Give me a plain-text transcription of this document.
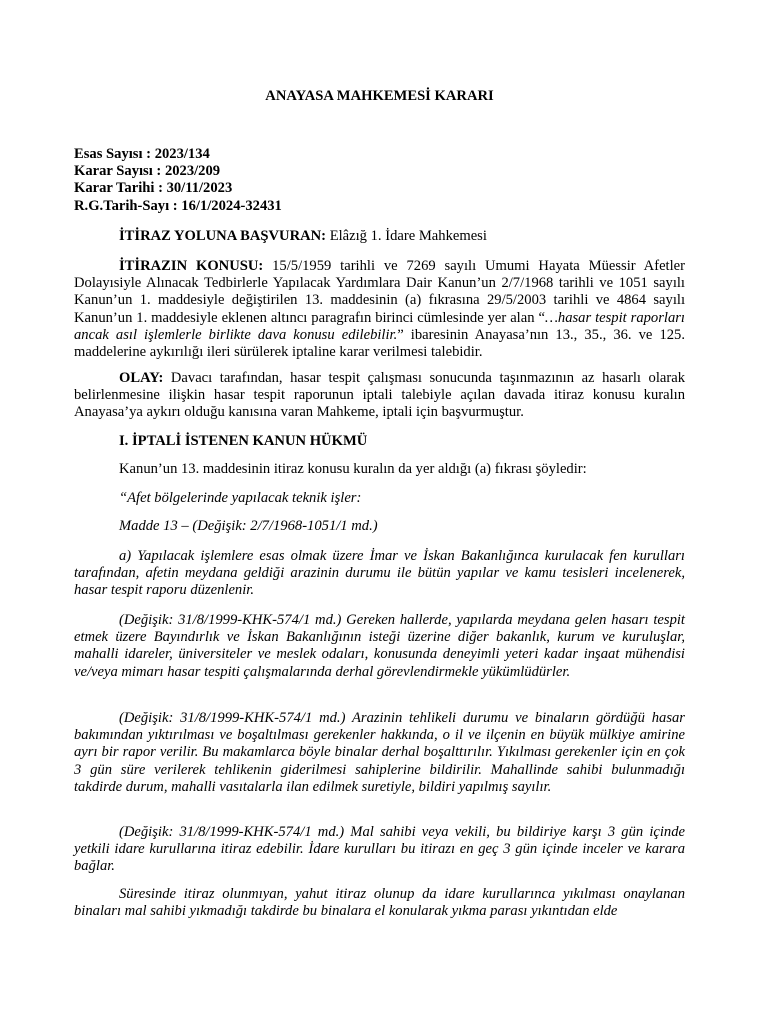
ANAYASA MAHKEMESİ KARARI
Esas Sayısı : 2023/134
Karar Sayısı : 2023/209
Karar Tarihi : 30/11/2023
R.G.Tarih-Sayı : 16/1/2024-32431

İTİRAZ YOLUNA BAŞVURAN: Elâzığ 1. İdare Mahkemesi

İTİRAZIN KONUSU: 15/5/1959 tarihli ve 7269 sayılı Umumi Hayata Müessir Afetler Dolayısiyle Alınacak Tedbirlerle Yapılacak Yardımlara Dair Kanun’un 2/7/1968 tarihli ve 1051 sayılı Kanun’un 1. maddesiyle değiştirilen 13. maddesinin (a) fıkrasına 29/5/2003 tarihli ve 4864 sayılı Kanun’un 1. maddesiyle eklenen altıncı paragrafın birinci cümlesinde yer alan “…hasar tespit raporları ancak asıl işlemlerle birlikte dava konusu edilebilir.” ibaresinin Anayasa’nın 13., 35., 36. ve 125. maddelerine aykırılığı ileri sürülerek iptaline karar verilmesi talebidir.

OLAY: Davacı tarafından, hasar tespit çalışması sonucunda taşınmazının az hasarlı olarak belirlenmesine ilişkin hasar tespit raporunun iptali talebiyle açılan davada itiraz konusu kuralın Anayasa’ya aykırı olduğu kanısına varan Mahkeme, iptali için başvurmuştur.

I. İPTALİ İSTENEN KANUN HÜKMÜ

Kanun’un 13. maddesinin itiraz konusu kuralın da yer aldığı (a) fıkrası şöyledir:

“Afet bölgelerinde yapılacak teknik işler:

Madde 13 – (Değişik: 2/7/1968-1051/1 md.)

a) Yapılacak işlemlere esas olmak üzere İmar ve İskan Bakanlığınca kurulacak fen kurulları tarafından, afetin meydana geldiği arazinin durumu ile bütün yapılar ve kamu tesisleri incelenerek, hasar tespit raporu düzenlenir.

(Değişik: 31/8/1999-KHK-574/1 md.) Gereken hallerde, yapılarda meydana gelen hasarı tespit etmek üzere Bayındırlık ve İskan Bakanlığının isteği üzerine diğer bakanlık, kurum ve kuruluşlar, mahalli idareler, üniversiteler ve meslek odaları, konusunda deneyimli yeteri kadar inşaat mühendisi ve/veya mimarı hasar tespiti çalışmalarında derhal görevlendirmekle yükümlüdürler.

(Değişik: 31/8/1999-KHK-574/1 md.) Arazinin tehlikeli durumu ve binaların gördüğü hasar bakımından yıktırılması ve boşaltılması gerekenler hakkında, o il ve ilçenin en büyük mülkiye amirine ayrı bir rapor verilir. Bu makamlarca böyle binalar derhal boşalttırılır. Yıkılması gerekenler için en çok 3 gün süre verilerek tehlikenin giderilmesi sahiplerine bildirilir. Mahallinde sahibi bulunmadığı takdirde durum, mahalli vasıtalarla ilan edilmek suretiyle, bildiri yapılmış sayılır.

(Değişik: 31/8/1999-KHK-574/1 md.) Mal sahibi veya vekili, bu bildiriye karşı 3 gün içinde yetkili idare kurullarına itiraz edebilir. İdare kurulları bu itirazı en geç 3 gün içinde inceler ve karara bağlar.

Süresinde itiraz olunmıyan, yahut itiraz olunup da idare kurullarınca yıkılması onaylanan binaları mal sahibi yıkmadığı takdirde bu binalara el konularak yıkma parası yıkıntıdan elde
